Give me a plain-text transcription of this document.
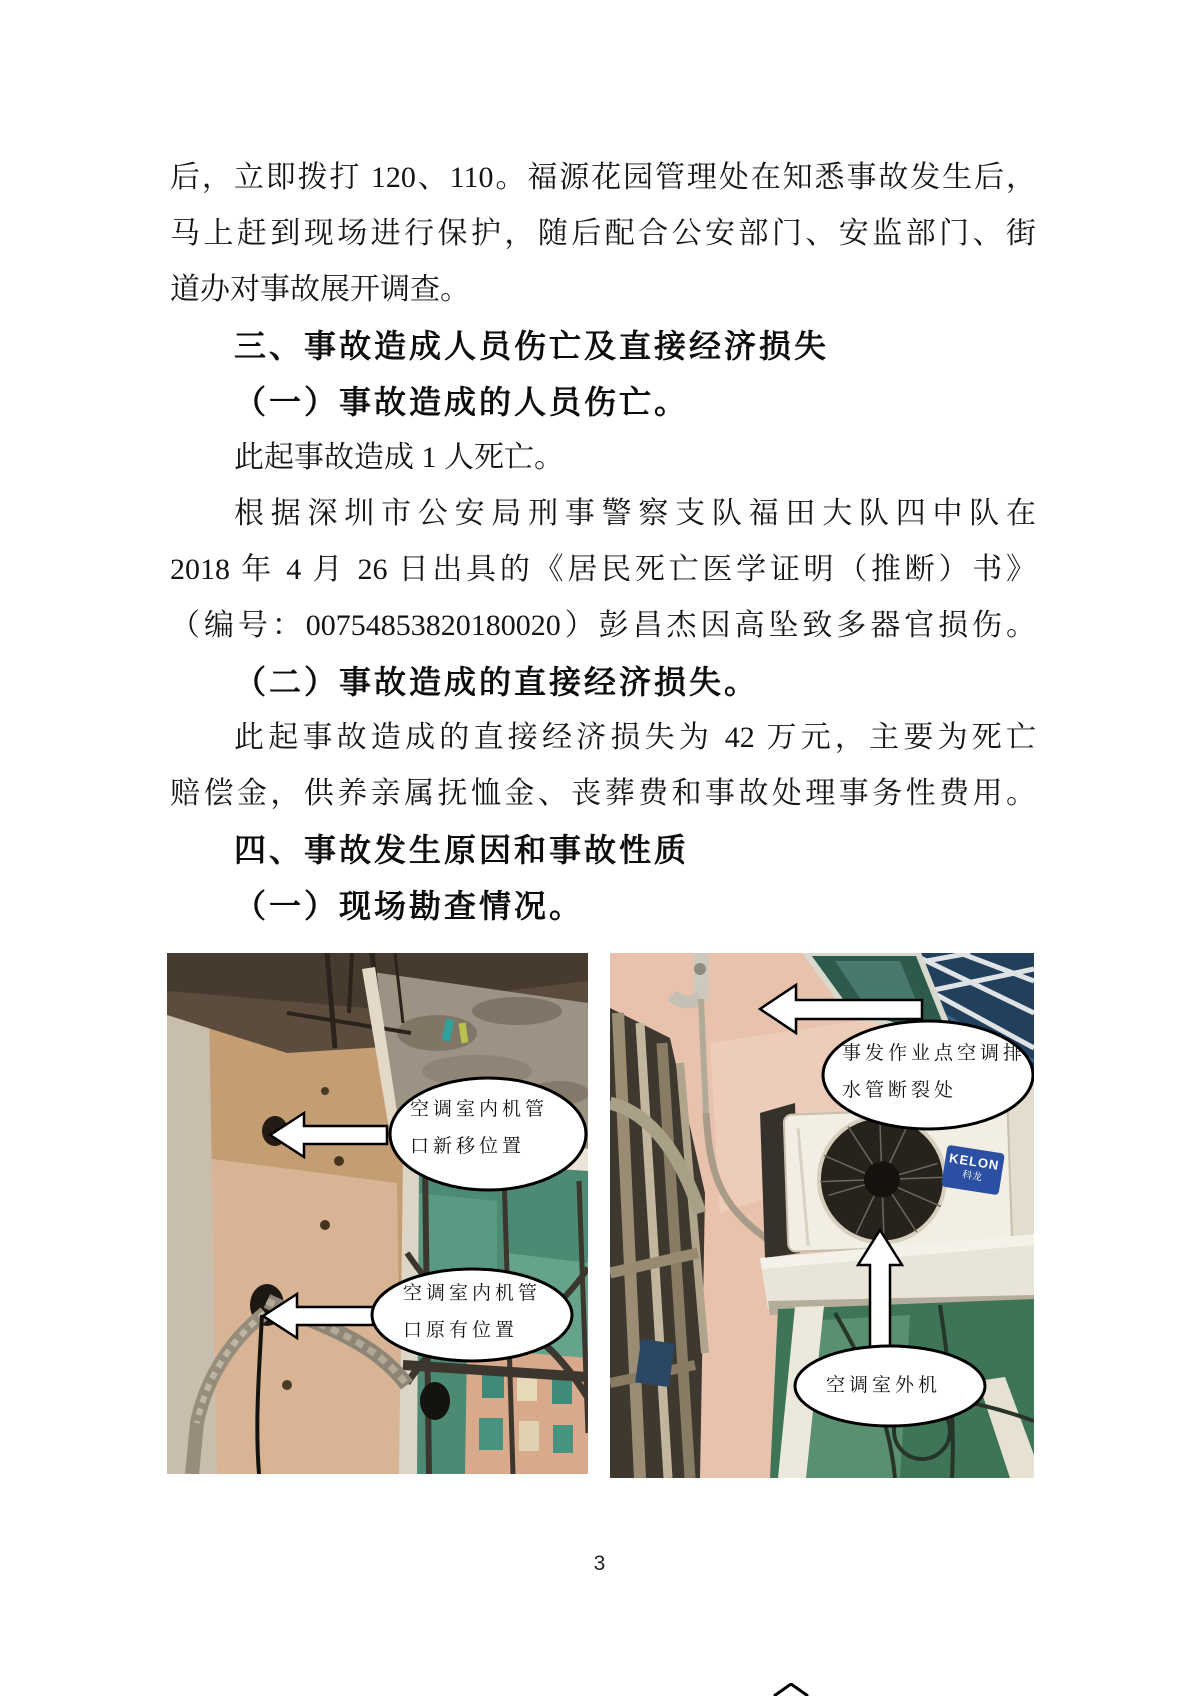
后，立即拨打 120、110。福源花园管理处在知悉事故发生后，
马上赶到现场进行保护，随后配合公安部门、安监部门、街
道办对事故展开调查。
三、事故造成人员伤亡及直接经济损失
（一）事故造成的人员伤亡。
此起事故造成 1 人死亡。
根据深圳市公安局刑事警察支队福田大队四中队在
2018 年 4 月 26 日出具的《居民死亡医学证明（推断）书》
（编号：00754853820180020）彭昌杰因高坠致多器官损伤。
（二）事故造成的直接经济损失。
此起事故造成的直接经济损失为 42 万元，主要为死亡
赔偿金，供养亲属抚恤金、丧葬费和事故处理事务性费用。
四、事故发生原因和事故性质
（一）现场勘查情况。
空调室内机管
口新移位置
空调室内机管
口原有位置
KELON
科龙
事发作业点空调排
水管断裂处
空调室外机
3
